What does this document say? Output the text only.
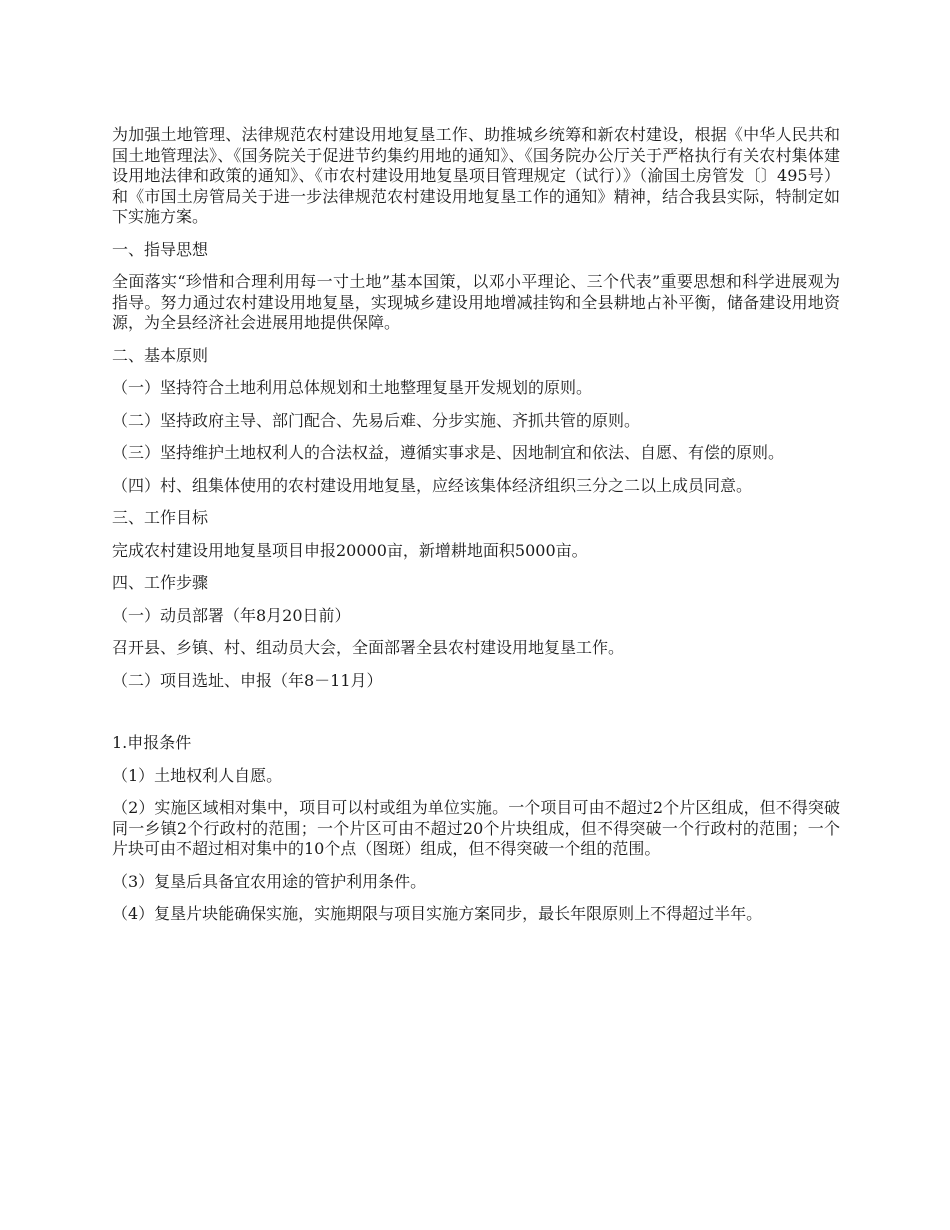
为加强土地管理、法律规范农村建设用地复垦工作、助推城乡统筹和新农村建设，根据《中华人民共和国土地管理法》、《国务院关于促进节约集约用地的通知》、《国务院办公厅关于严格执行有关农村集体建设用地法律和政策的通知》、《市农村建设用地复垦项目管理规定（试行）》（渝国土房管发〔〕495号）和《市国土房管局关于进一步法律规范农村建设用地复垦工作的通知》精神，结合我县实际，特制定如下实施方案。

一、指导思想

全面落实“珍惜和合理利用每一寸土地”基本国策，以邓小平理论、三个代表”重要思想和科学进展观为指导。努力通过农村建设用地复垦，实现城乡建设用地增减挂钩和全县耕地占补平衡，储备建设用地资源，为全县经济社会进展用地提供保障。

二、基本原则

（一）坚持符合土地利用总体规划和土地整理复垦开发规划的原则。

（二）坚持政府主导、部门配合、先易后难、分步实施、齐抓共管的原则。

（三）坚持维护土地权利人的合法权益，遵循实事求是、因地制宜和依法、自愿、有偿的原则。

（四）村、组集体使用的农村建设用地复垦，应经该集体经济组织三分之二以上成员同意。

三、工作目标

完成农村建设用地复垦项目申报20000亩，新增耕地面积5000亩。

四、工作步骤

（一）动员部署（年8月20日前）

召开县、乡镇、村、组动员大会，全面部署全县农村建设用地复垦工作。

（二）项目选址、申报（年8－11月）

1.申报条件

（1）土地权利人自愿。

（2）实施区域相对集中，项目可以村或组为单位实施。一个项目可由不超过2个片区组成，但不得突破同一乡镇2个行政村的范围；一个片区可由不超过20个片块组成，但不得突破一个行政村的范围；一个片块可由不超过相对集中的10个点（图斑）组成，但不得突破一个组的范围。

（3）复垦后具备宜农用途的管护利用条件。

（4）复垦片块能确保实施，实施期限与项目实施方案同步，最长年限原则上不得超过半年。
